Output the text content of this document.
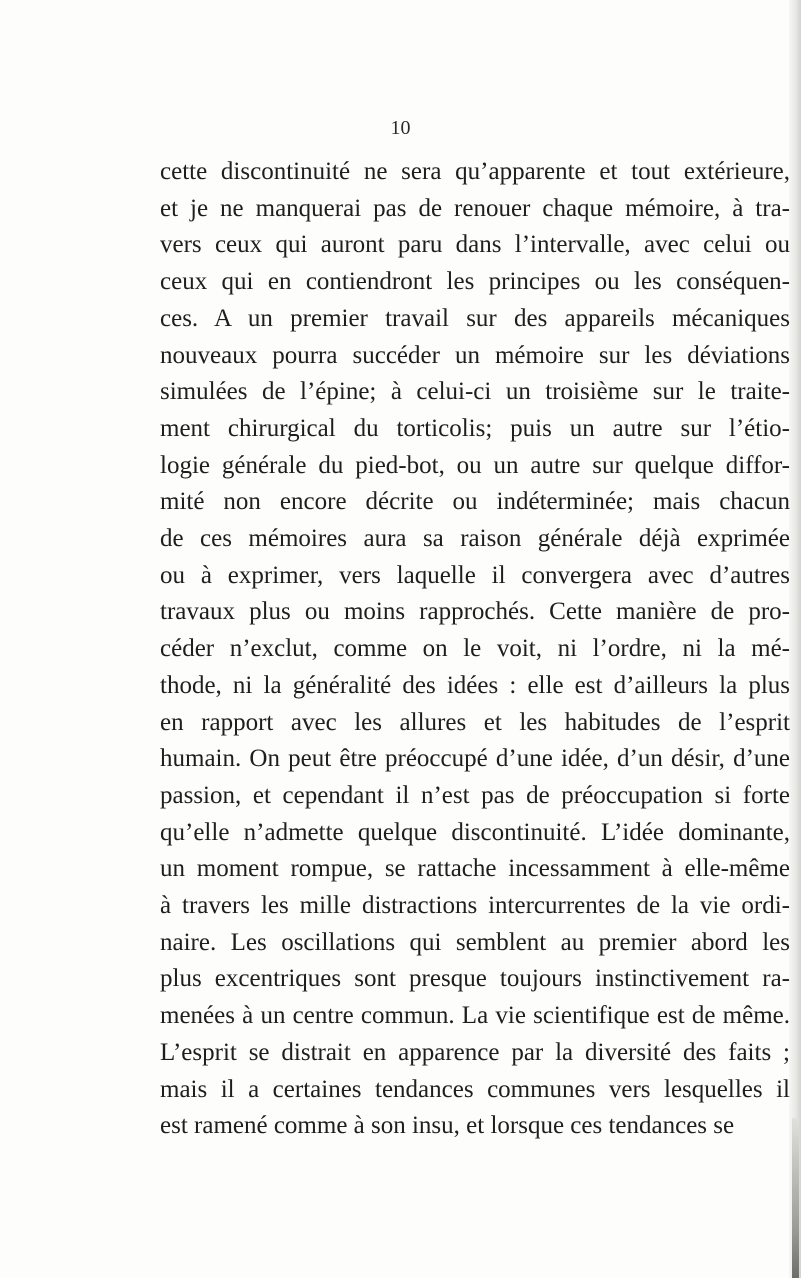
10

cette discontinuité ne sera qu’apparente et tout extérieure,
et je ne manquerai pas de renouer chaque mémoire, à tra-
vers ceux qui auront paru dans l’intervalle, avec celui ou
ceux qui en contiendront les principes ou les conséquen-
ces. A un premier travail sur des appareils mécaniques
nouveaux pourra succéder un mémoire sur les déviations
simulées de l’épine; à celui-ci un troisième sur le traite-
ment chirurgical du torticolis; puis un autre sur l’étio-
logie générale du pied-bot, ou un autre sur quelque diffor-
mité non encore décrite ou indéterminée; mais chacun
de ces mémoires aura sa raison générale déjà exprimée
ou à exprimer, vers laquelle il convergera avec d’autres
travaux plus ou moins rapprochés. Cette manière de pro-
céder n’exclut, comme on le voit, ni l’ordre, ni la mé-
thode, ni la généralité des idées : elle est d’ailleurs la plus
en rapport avec les allures et les habitudes de l’esprit
humain. On peut être préoccupé d’une idée, d’un désir, d’une
passion, et cependant il n’est pas de préoccupation si forte
qu’elle n’admette quelque discontinuité. L’idée dominante,
un moment rompue, se rattache incessamment à elle-même
à travers les mille distractions intercurrentes de la vie ordi-
naire. Les oscillations qui semblent au premier abord les
plus excentriques sont presque toujours instinctivement ra-
menées à un centre commun. La vie scientifique est de même.
L’esprit se distrait en apparence par la diversité des faits ;
mais il a certaines tendances communes vers lesquelles il
est ramené comme à son insu, et lorsque ces tendances se
